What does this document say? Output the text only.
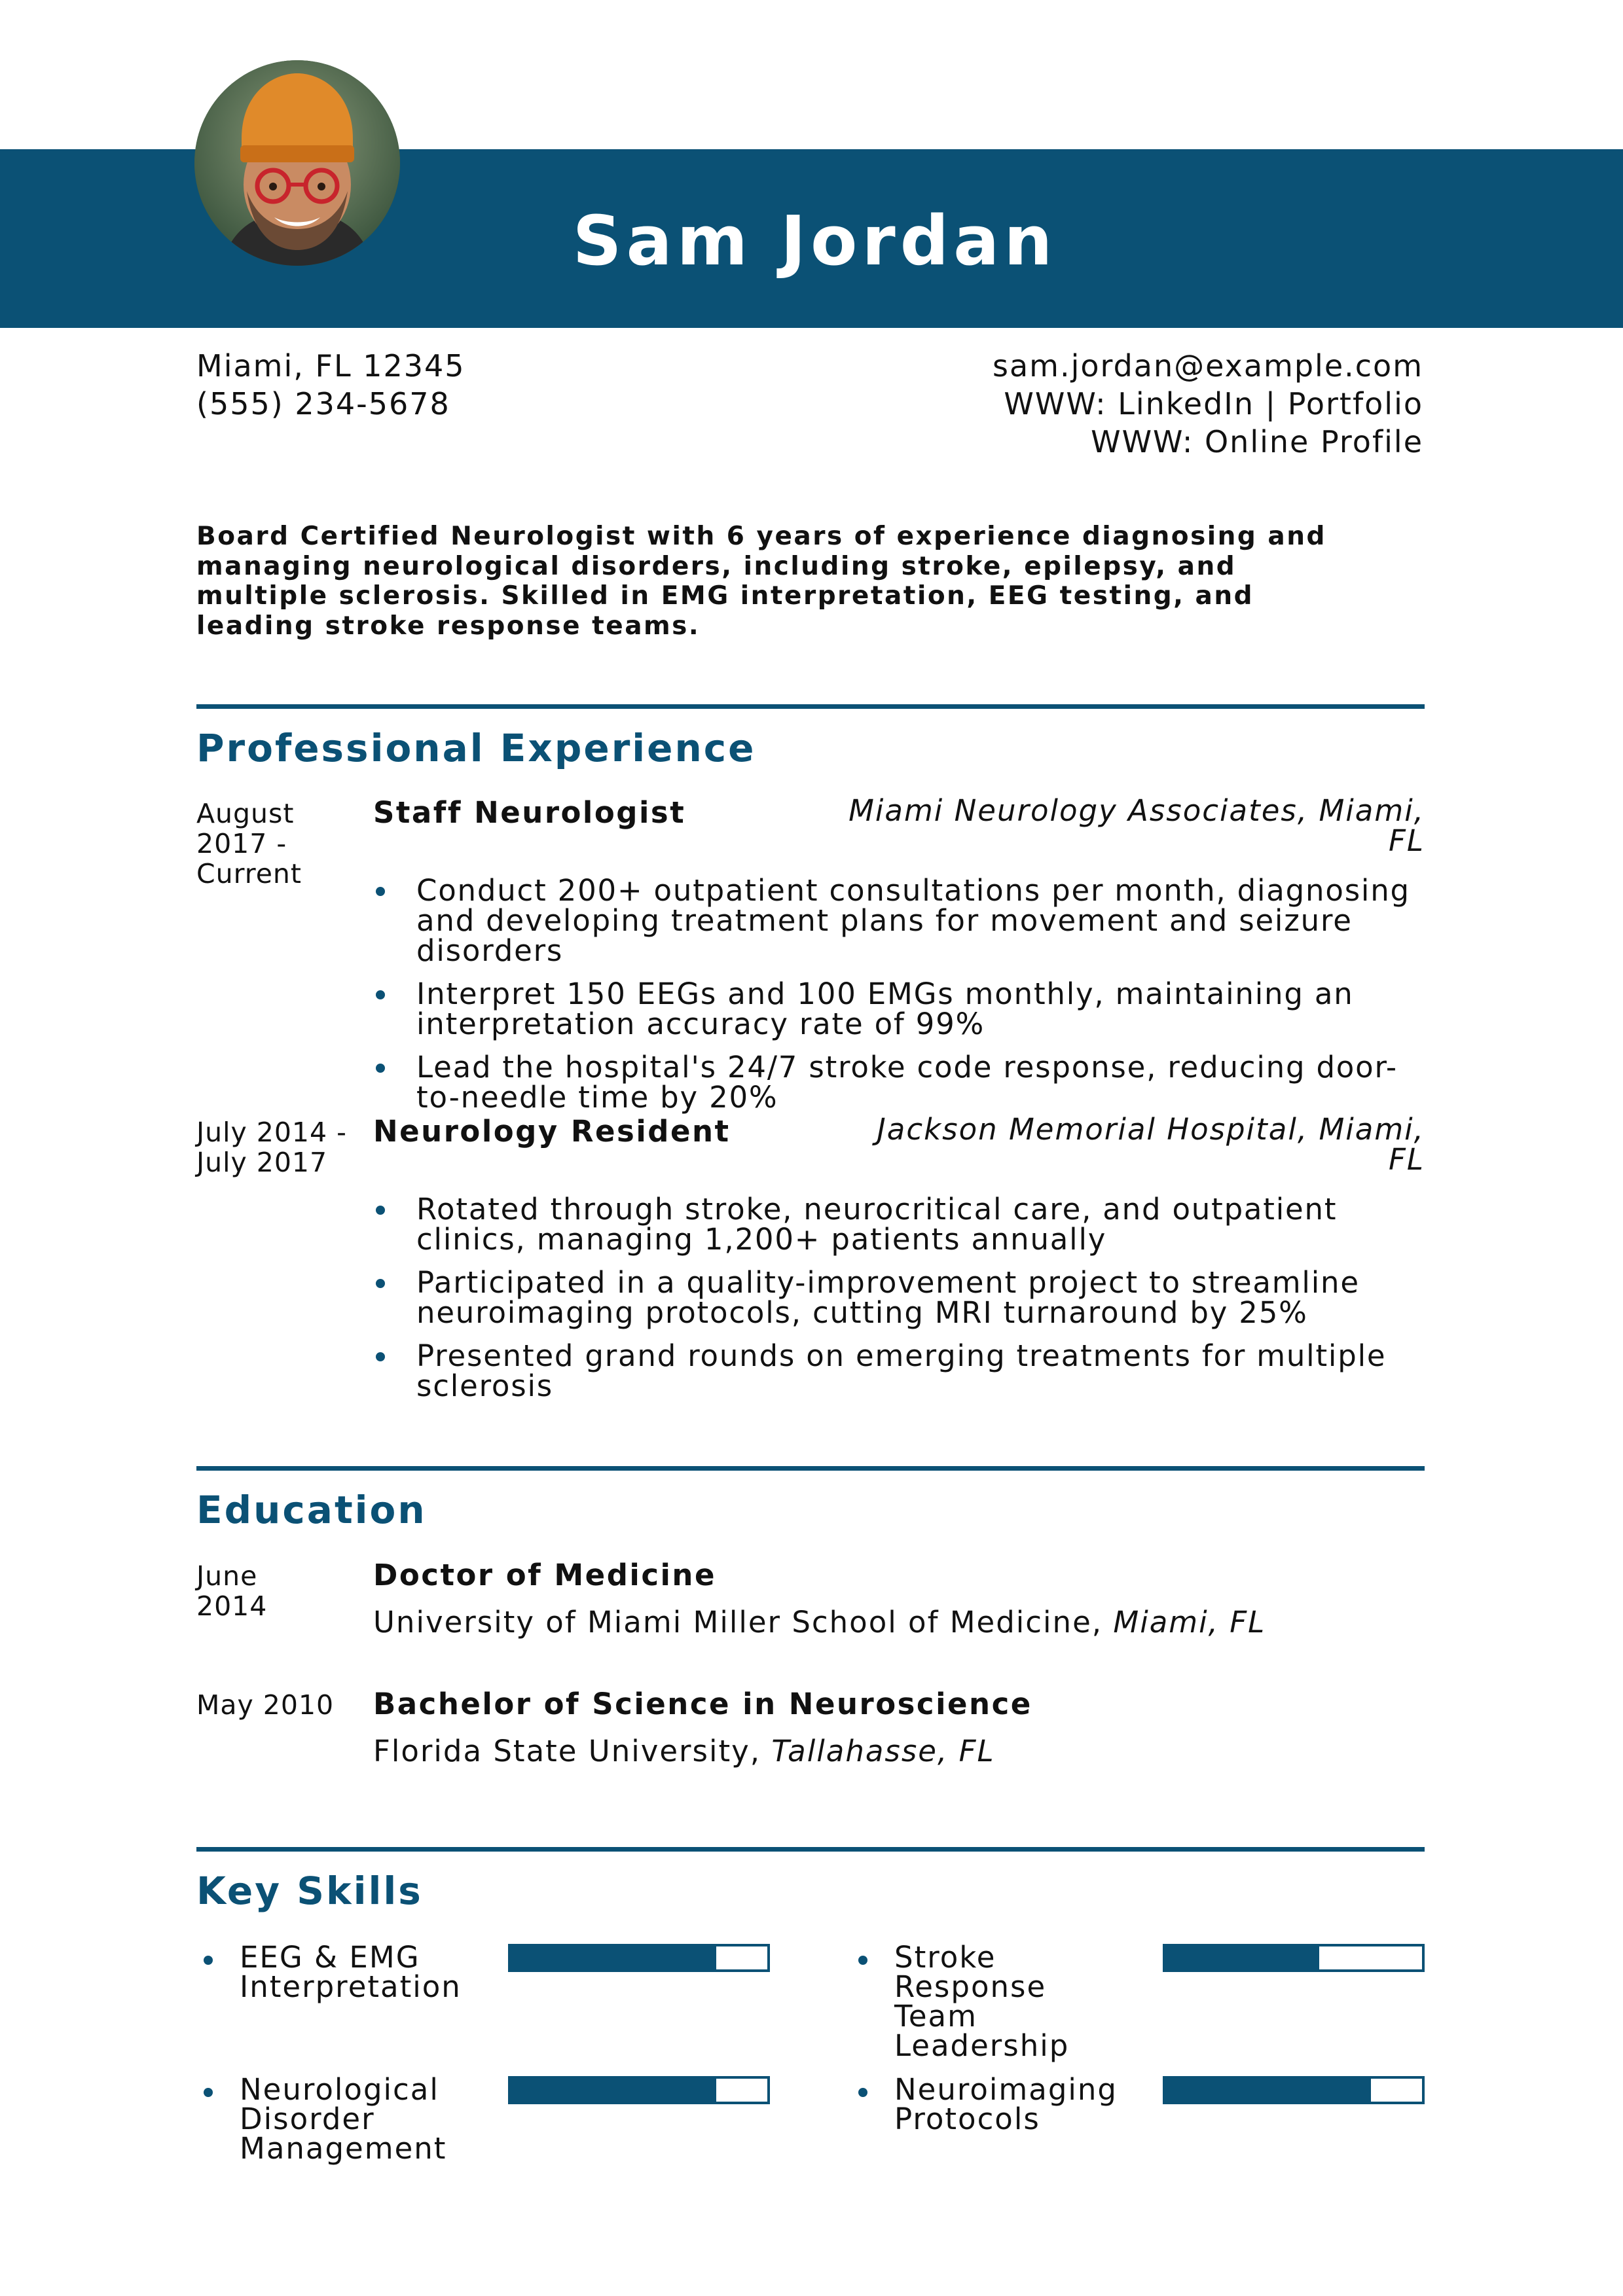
Sam Jordan
Miami, FL 12345
(555) 234-5678
sam.jordan@example.com
WWW: LinkedIn | Portfolio
WWW: Online Profile
Board Certified Neurologist with 6 years of experience diagnosing and managing neurological disorders, including stroke, epilepsy, and multiple sclerosis. Skilled in EMG interpretation, EEG testing, and leading stroke response teams.
Professional Experience
August 2017 - Current
Staff Neurologist	Miami Neurology Associates, Miami, FL
Conduct 200+ outpatient consultations per month, diagnosing and developing treatment plans for movement and seizure disorders
Interpret 150 EEGs and 100 EMGs monthly, maintaining an interpretation accuracy rate of 99%
Lead the hospital's 24/7 stroke code response, reducing door-to-needle time by 20%
July 2014 - July 2017
Neurology Resident	Jackson Memorial Hospital, Miami, FL
Rotated through stroke, neurocritical care, and outpatient clinics, managing 1,200+ patients annually
Participated in a quality-improvement project to streamline neuroimaging protocols, cutting MRI turnaround by 25%
Presented grand rounds on emerging treatments for multiple sclerosis
Education
June 2014
Doctor of Medicine
University of Miami Miller School of Medicine, Miami, FL
May 2010	Bachelor of Science in Neuroscience
Florida State University, Tallahasse, FL
Key Skills
EEG & EMG Interpretation
Stroke Response Team Leadership
Neurological Disorder Management
Neuroimaging Protocols
